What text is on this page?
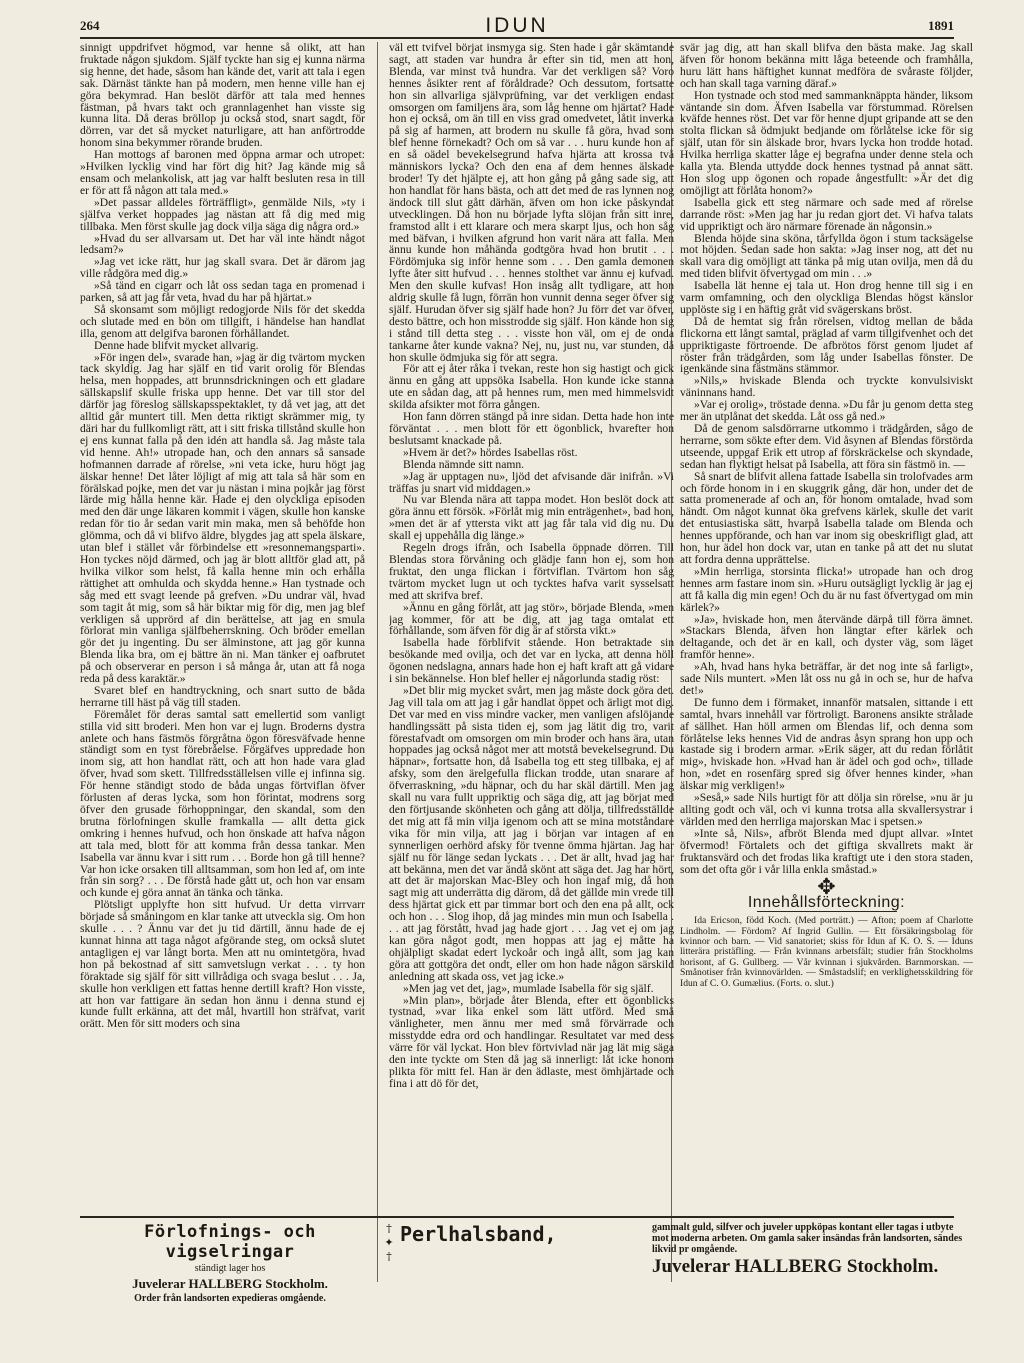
264	IDUN	1891

sinnigt uppdrifvet högmod, var henne så olikt, att han fruktade någon sjukdom. Själf tyckte han sig ej kunna närma sig henne, det hade, såsom han kände det, varit att tala i egen sak. Därnäst tänkte han på modern, men henne ville han ej göra bekymrad. Han beslöt därför att tala med hennes fästman, på hvars takt och grannlagenhet han visste sig kunna lita. Då deras bröllop ju också stod, snart sagdt, för dörren, var det så mycket naturligare, att han anförtrodde honom sina bekymmer rörande bruden.

Han mottogs af baronen med öppna armar och utropet: »Hvilken lycklig vind har fört dig hit? Jag kände mig så ensam och melankolisk, att jag var halft besluten resa in till er för att få någon att tala med.»

»Det passar alldeles förträffligt», genmälde Nils, »ty i själfva verket hoppades jag nästan att få dig med mig tillbaka. Men först skulle jag dock vilja säga dig några ord.»

»Hvad du ser allvarsam ut. Det har väl inte händt något ledsam?»

»Jag vet icke rätt, hur jag skall svara. Det är därom jag ville rådgöra med dig.»

»Så tänd en cigarr och låt oss sedan taga en promenad i parken, så att jag får veta, hvad du har på hjärtat.»

Så skonsamt som möjligt redogjorde Nils för det skedda och slutade med en bön om tillgift, i händelse han handlat illa, genom att delgifva baronen förhållandet.

Denne hade blifvit mycket allvarig.

»För ingen del», svarade han, »jag är dig tvärtom mycken tack skyldig. Jag har själf en tid varit orolig för Blendas helsa, men hoppades, att brunnsdrickningen och ett gladare sällskapslif skulle friska upp henne. Det var till stor del därför jag föreslog sällskapsspektaklet, ty då vet jag, att det alltid går muntert till. Men detta riktigt skrämmer mig, ty däri har du fullkomligt rätt, att i sitt friska tillstånd skulle hon ej ens kunnat falla på den idén att handla så. Jag måste tala vid henne. Ah!» utropade han, och den annars så sansade hofmannen darrade af rörelse, »ni veta icke, huru högt jag älskar henne! Det låter löjligt af mig att tala så här som en förälskad pojke, men det var ju nästan i mina pojkår jag först lärde mig hålla henne kär. Hade ej den olyckliga episoden med den där unge läkaren kommit i vägen, skulle hon kanske redan för tio år sedan varit min maka, men så behöfde hon glömma, och då vi blifvo äldre, blygdes jag att spela älskare, utan blef i stället vår förbindelse ett »resonnemangsparti». Hon tyckes nöjd därmed, och jag är blott alltför glad att, på hvilka vilkor som helst, få kalla henne min och erhålla rättighet att omhulda och skydda henne.» Han tystnade och såg med ett svagt leende på grefven. »Du undrar väl, hvad som tagit åt mig, som så här biktar mig för dig, men jag blef verkligen så upprörd af din berättelse, att jag en smula förlorat min vanliga själfbeherrskning. Och bröder emellan gör det ju ingenting. Du ser älminstone, att jag gör kunna Blenda lika bra, om ej bättre än ni. Man tänker ej oafbrutet på och observerar en person i så många år, utan att få noga reda på dess karaktär.»

Svaret blef en handtryckning, och snart sutto de båda herrarne till häst på väg till staden.

Föremålet för deras samtal satt emellertid som vanligt stilla vid sitt broderi. Men hon var ej lugn. Broderns dystra anlete och hans fästmös förgråtna ögon föresväfvade henne ständigt som en tyst förebråelse. Förgäfves uppredade hon inom sig, att hon handlat rätt, och att hon hade vara glad öfver, hvad som skett. Tillfredsställelsen ville ej infinna sig. För henne ständigt stodo de båda ungas förtviflan öfver förlusten af deras lycka, som hon förintat, modrens sorg öfver den grusade förhoppningar, den skandal, som den brutna förlofningen skulle framkalla — allt detta gick omkring i hennes hufvud, och hon önskade att hafva någon att tala med, blott för att komma från dessa tankar. Men Isabella var ännu kvar i sitt rum . . . Borde hon gå till henne? Var hon icke orsaken till alltsamman, som hon led af, om inte från sin sorg? . . . De förstå hade gått ut, och hon var ensam och kunde ej göra annat än tänka och tänka.

Plötsligt upplyfte hon sitt hufvud. Ur detta virrvarr började så småningom en klar tanke att utveckla sig. Om hon skulle . . . ? Ännu var det ju tid därtill, ännu hade de ej kunnat hinna att taga något afgörande steg, om också slutet antagligen ej var långt borta. Men att nu omintetgöra, hvad hon på bekostnad af sitt samvetslugn verkat . . . ty hon föraktade sig själf för sitt villrådiga och svaga beslut . . . Ja, skulle hon verkligen ett fattas henne dertill kraft? Hon visste, att hon var fattigare än sedan hon ännu i denna stund ej kunde fullt erkänna, att det mål, hvartill hon sträfvat, varit orätt. Men för sitt moders och sina

väl ett tvifvel börjat insmyga sig. Sten hade i går skämtande sagt, att staden var hundra år efter sin tid, men att hon, Blenda, var minst två hundra. Var det verkligen så? Voro hennes åsikter rent af föråldrade? Och dessutom, fortsatte hon sin allvarliga självprüfning, var det verkligen endast omsorgen om familjens ära, som låg henne om hjärtat? Hade hon ej också, om än till en viss grad omedvetet, låtit inverka på sig af harmen, att brodern nu skulle få göra, hvad som blef henne förnekadt? Och om så var . . . huru kunde hon af en så oädel bevekelsegrund hafva hjärta att krossa två människors lycka? Och den ena af dem hennes älskade broder! Ty det hjälpte ej, att hon gång på gång sade sig, att hon handlat för hans bästa, och att det med de ras lynnen nog ändock till slut gått därhän, äfven om hon icke påskyndat utvecklingen. Då hon nu började lyfta slöjan från sitt inre, framstod allt i ett klarare och mera skarpt ljus, och hon såg med bäfvan, i hvilken afgrund hon varit nära att falla. Men ännu kunde hon måhända godtgöra hvad hon brutit . . . Fördömjuka sig inför henne som . . . Den gamla demonen lyfte åter sitt hufvud . . . hennes stolthet var ännu ej kufvad. Men den skulle kufvas! Hon insåg allt tydligare, att hon aldrig skulle få lugn, förrän hon vunnit denna seger öfver sig själf. Hurudan öfver sig själf hade hon? Ju förr det var öfver, desto bättre, och hon misstrodde sig själf. Hon kände hon sig i stånd till detta steg . . . visste hon väl, om ej de onda tankarne åter kunde vakna? Nej, nu, just nu, var stunden, då hon skulle ödmjuka sig för att segra.

För att ej åter råka i tvekan, reste hon sig hastigt och gick ännu en gång att uppsöka Isabella. Hon kunde icke stanna ute en sådan dag, att på hennes rum, men med himmelsvidt skilda afsikter mot förra gången.

Hon fann dörren stängd på inre sidan. Detta hade hon inte förväntat . . . men blott för ett ögonblick, hvarefter hon beslutsamt knackade på.

»Hvem är det?» hördes Isabellas röst.

Blenda nämnde sitt namn.

»Jag är upptagen nu», ljöd det afvisande där inifrån. »Vi träffas ju snart vid middagen.»

Nu var Blenda nära att tappa modet. Hon beslöt dock att göra ännu ett försök. »Förlåt mig min enträgenhet», bad hon, »men det är af yttersta vikt att jag får tala vid dig nu. Du skall ej uppehålla dig länge.»

Regeln drogs ifrån, och Isabella öppnade dörren. Till Blendas stora förvåning och glädje fann hon ej, som hon fruktat, den unga flickan i förtviflan. Tvärtom hon såg tvärtom mycket lugn ut och tycktes hafva varit sysselsatt med att skrifva bref.

»Ännu en gång förlåt, att jag stör», började Blenda, »men jag kommer, för att be dig, att jag taga omtalat ett förhållande, som äfven för dig är af största vikt.»

Isabella hade förblifvit stående. Hon betraktade sin besökande med ovilja, och det var en lycka, att denna höll ögonen nedslagna, annars hade hon ej haft kraft att gå vidare i sin bekännelse. Hon blef heller ej någorlunda stadig röst:

»Det blir mig mycket svårt, men jag måste dock göra det. Jag vill tala om att jag i går handlat öppet och ärligt mot dig. Det var med en viss mindre vacker, men vanligen afslöjande handlingssätt på sista tiden ej, som jag lätit dig tro, varit förestafvadt om omsorgen om min broder och hans ära, utan hoppades jag också något mer att motstå bevekelsegrund. Du häpnar», fortsatte hon, då Isabella tog ett steg tillbaka, ej af afsky, som den ärelgefulla flickan trodde, utan snarare af öfverraskning, »du häpnar, och du har skäl därtill. Men jag skall nu vara fullt uppriktig och säga dig, att jag börjat med den förtjusande skönheten och gång att dölja, tillfredsställde det mig att få min vilja igenom och att se mina motståndare vika för min vilja, att jag i början var intagen af en synnerligen oerhörd afsky för tvenne ömma hjärtan. Jag har själf nu för länge sedan lyckats . . . Det är allt, hvad jag har att bekänna, men det var ändå skönt att säga det. Jag har hört, att det är majorskan Mac-Bley och hon ingaf mig, då hon sagt mig att underrätta dig därom, då det gällde min vrede till dess hjärtat gick ett par timmar bort och den ena på allt, ock och hon . . . Slog ihop, då jag mindes min mun och Isabella . . . att jag förstått, hvad jag hade gjort . . . Jag vet ej om jag kan göra något godt, men hoppas att jag ej måtte ha ohjälpligt skadat edert lyckoår och ingå allt, som jag kan göra att gottgöra det ondt, eller om hon hade någon särskild anledning att skada oss, vet jag icke.»

»Men jag vet det, jag», mumlade Isabella för sig själf.

»Min plan», började åter Blenda, efter ett ögonblicks tystnad, »var lika enkel som lätt utförd. Med smä vänligheter, men ännu mer med små förvärrade och misstydde edra ord och handlingar. Resultatet var med dess värre för väl lyckat. Hon blev förtvivlad när jag lät mig säga den inte tyckte om Sten då jag sä innerligt: låt icke honom plikta för mitt fel. Han är den ädlaste, mest ömhjärtade och fina i att dö för det,

svär jag dig, att han skall blifva den bästa make. Jag skall äfven för honom bekänna mitt låga beteende och framhålla, huru lätt hans häftighet kunnat medföra de svåraste följder, och han skall taga varning däraf.»

Hon tystnade och stod med sammanknäppta händer, liksom väntande sin dom. Äfven Isabella var förstummad. Rörelsen kväfde hennes röst. Det var för henne djupt gripande att se den stolta flickan så ödmjukt bedjande om förlåtelse icke för sig själf, utan för sin älskade bror, hvars lycka hon trodde hotad. Hvilka herrliga skatter låge ej begrafna under denne stela och kalla yta. Blenda uttydde dock hennes tystnad på annat sätt. Hon slog upp ögonen och ropade ångestfullt: »Är det dig omöjligt att förlåta honom?»

Isabella gick ett steg närmare och sade med af rörelse darrande röst: »Men jag har ju redan gjort det. Vi hafva talats vid uppriktigt och äro närmare förenade än någonsin.»

Blenda höjde sina sköna, tårfyllda ögon i stum tacksägelse mot höjden. Sedan sade hon sakta: »Jag inser nog, att det nu skall vara dig omöjligt att tänka på mig utan ovilja, men då du med tiden blifvit öfvertygad om min . . .»

Isabella lät henne ej tala ut. Hon drog henne till sig i en varm omfamning, och den olyckliga Blendas högst känslor upplöste sig i en häftig gråt vid svägerskans bröst.

Då de hemtat sig från rörelsen, vidtog mellan de båda flickorna ett långt samtal, präglad af varm tillgifvenhet och det uppriktigaste förtroende. De afbrötos först genom ljudet af röster från trädgården, som låg under Isabellas fönster. De igenkände sina fästmäns stämmor.

»Nils,» hviskade Blenda och tryckte konvulsiviskt väninnans hand.

»Var ej orolig», tröstade denna. »Du får ju genom detta steg mer än utplånat det skedda. Låt oss gå ned.»

Då de genom salsdörrarne utkommo i trädgården, sågo de herrarne, som sökte efter dem. Vid åsynen af Blendas förstörda utseende, uppgaf Erik ett utrop af förskräckelse och skyndade, sedan han flyktigt helsat på Isabella, att föra sin fästmö in. —

Så snart de blifvit allena fattade Isabella sin trolofvades arm och förde honom in i en skuggrik gång, där hon, under det de satta promenerade af och an, för honom omtalade, hvad som händt. Om något kunnat öka grefvens kärlek, skulle det varit det entusiastiska sätt, hvarpå Isabella talade om Blenda och hennes uppförande, och han var inom sig obeskrifligt glad, att hon, hur ädel hon dock var, utan en tanke på att det nu slutat att fordra denna upprättelse.

»Min herrliga, storsinta flicka!» utropade han och drog hennes arm fastare inom sin. »Huru outsägligt lycklig är jag ej att få kalla dig min egen! Och du är nu fast öfvertygad om min kärlek?»

»Ja», hviskade hon, men återvände därpå till förra ämnet. »Stackars Blenda, äfven hon längtar efter kärlek och deltagande, och det är en kall, och dyster väg, som läget framför henne».

»Ah, hvad hans hyka beträffar, är det nog inte så farligt», sade Nils muntert. »Men låt oss nu gå in och se, hur de hafva det!»

De funno dem i förmaket, innanför matsalen, sittande i ett samtal, hvars innehåll var förtroligt. Baronens ansikte strålade af sällhet. Han höll armen om Blendas lif, och denna som förlåtelse leks hennes Vid de andras åsyn sprang hon upp och kastade sig i brodern armar. »Erik säger, att du redan förlåtit mig», hviskade hon. »Hvad han är ädel och god och», tillade hon, »det en rosenfärg spred sig öfver hennes kinder, »han älskar mig verkligen!»

»Seså,» sade Nils hurtigt för att dölja sin rörelse, »nu är ju allting godt och väl, och vi kunna trotsa alla skvallersystrar i världen med den herrliga majorskan Mac i spetsen.»

»Inte så, Nils», afbröt Blenda med djupt allvar. »Intet öfvermod! Förtalets och det giftiga skvallrets makt är fruktansvärd och det frodas lika kraftigt ute i den stora staden, som det ofta gör i vår lilla enkla småstad.»

✥
Innehållsförteckning:

Ida Ericson, född Koch. (Med porträtt.) — Afton; poem af Charlotte Lindholm. — Fördom? Af Ingrid Gullin. — Ett försäkringsbolag för kvinnor och barn. — Vid sanatoriet; skiss för Idun af K. O. S. — Iduns litterära pristäfling. — Från kvinnans arbetsfält; studier från Stockholms horisont, af G. Gullberg. — Vår kvinnan i sjukvården. Barnmorskan. — Smånotiser från kvinnovärlden. — Småstadslif; en verklighetsskildring för Idun af C. O. Gumælius. (Forts. o. slut.)

Förlofnings- och vigselringar
ständigt lager hos
Juvelerar HALLBERG Stockholm.
Order från landsorten expedieras omgående.
†
✦
†
Perlhalsband,	gammalt guld, silfver och juveler uppköpas kontant eller tagas i utbyte mot moderna arbeten. Om gamla saker insändas från landsorten, sändes likvid pr omgående.
Juvelerar HALLBERG Stockholm.
